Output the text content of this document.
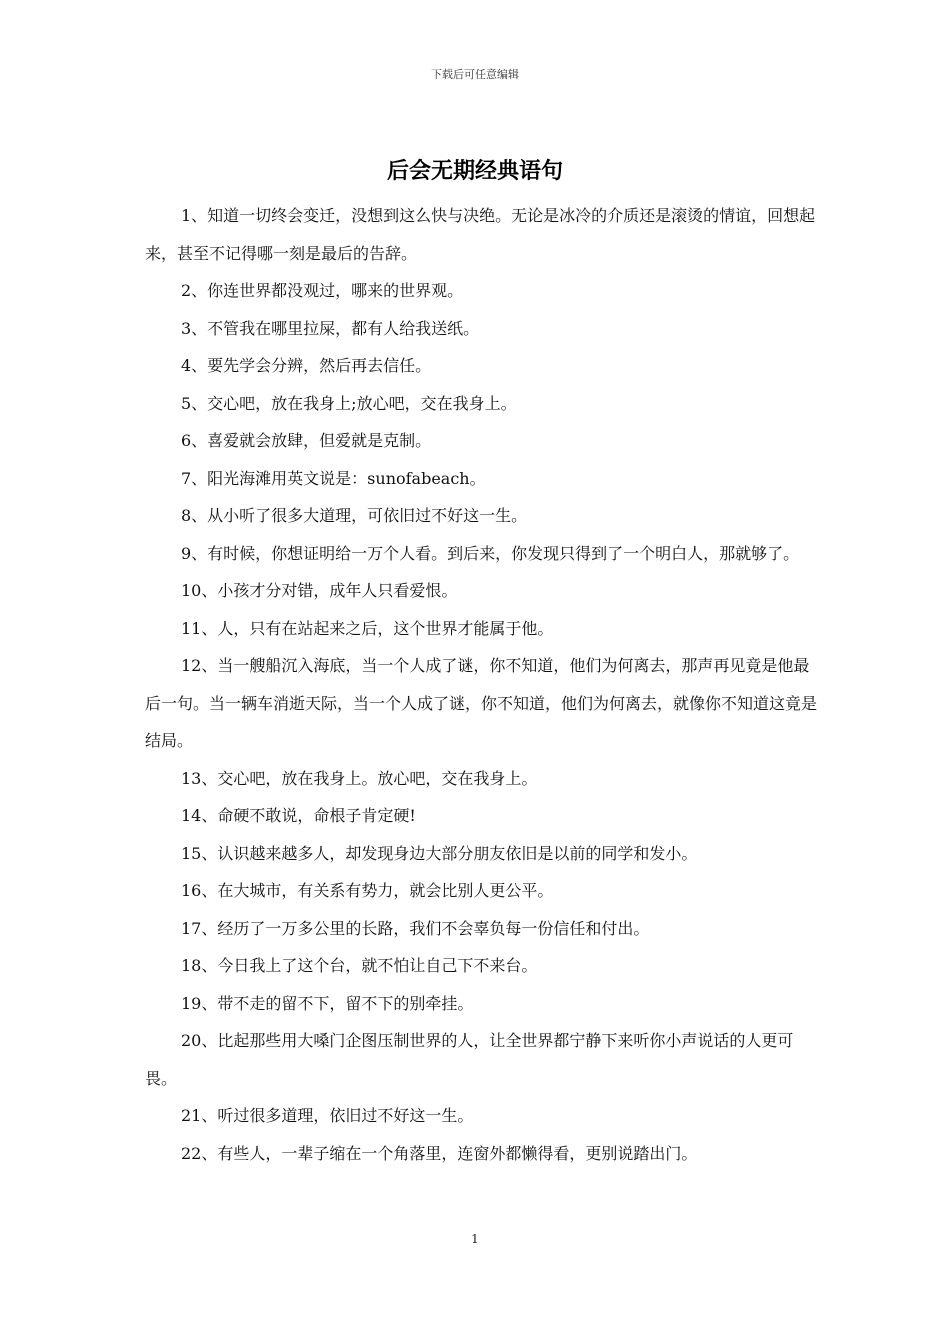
下载后可任意编辑
后会无期经典语句

1、知道一切终会变迁，没想到这么快与决绝。无论是冰冷的介质还是滚烫的情谊，回想起来，甚至不记得哪一刻是最后的告辞。

2、你连世界都没观过，哪来的世界观。

3、不管我在哪里拉屎，都有人给我送纸。

4、要先学会分辨，然后再去信任。

5、交心吧，放在我身上;放心吧，交在我身上。

6、喜爱就会放肆，但爱就是克制。

7、阳光海滩用英文说是：sunofabeach。

8、从小听了很多大道理，可依旧过不好这一生。

9、有时候，你想证明给一万个人看。到后来，你发现只得到了一个明白人，那就够了。

10、小孩才分对错，成年人只看爱恨。

11、人，只有在站起来之后，这个世界才能属于他。

12、当一艘船沉入海底，当一个人成了谜，你不知道，他们为何离去，那声再见竟是他最后一句。当一辆车消逝天际，当一个人成了谜，你不知道，他们为何离去，就像你不知道这竟是结局。

13、交心吧，放在我身上。放心吧，交在我身上。

14、命硬不敢说，命根子肯定硬!

15、认识越来越多人，却发现身边大部分朋友依旧是以前的同学和发小。

16、在大城市，有关系有势力，就会比别人更公平。

17、经历了一万多公里的长路，我们不会辜负每一份信任和付出。

18、今日我上了这个台，就不怕让自己下不来台。

19、带不走的留不下，留不下的别牵挂。

20、比起那些用大嗓门企图压制世界的人，让全世界都宁静下来听你小声说话的人更可畏。

21、听过很多道理，依旧过不好这一生。

22、有些人，一辈子缩在一个角落里，连窗外都懒得看，更别说踏出门。

1
